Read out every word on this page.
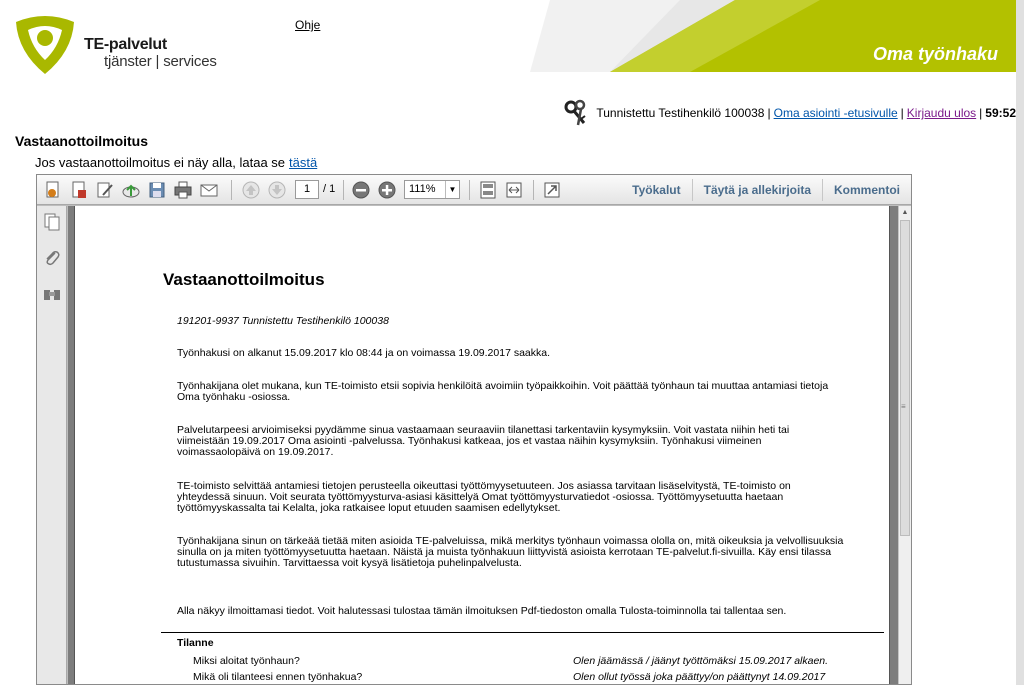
TE-palvelut
tjänster | services
Ohje
Oma työnhaku
Tunnistettu Testihenkilö 100038 | Oma asiointi -etusivulle | Kirjaudu ulos | 59:52
Vastaanottoilmoitus
Jos vastaanottoilmoitus ei näy alla, lataa se tästä
1	/ 1	111%	▼	Työkalut	Täytä ja allekirjoita	Kommentoi
Vastaanottoilmoitus
191201-9937 Tunnistettu Testihenkilö 100038
Työnhakusi on alkanut 15.09.2017 klo 08:44 ja on voimassa 19.09.2017 saakka.
Työnhakijana olet mukana, kun TE-toimisto etsii sopivia henkilöitä avoimiin työpaikkoihin. Voit päättää työnhaun tai muuttaa antamiasi tietoja
Oma työnhaku -osiossa.
Palvelutarpeesi arvioimiseksi pyydämme sinua vastaamaan seuraaviin tilanettasi tarkentaviin kysymyksiin. Voit vastata niihin heti tai
viimeistään 19.09.2017 Oma asiointi -palvelussa. Työnhakusi katkeaa, jos et vastaa näihin kysymyksiin. Työnhakusi viimeinen
voimassaolopäivä on 19.09.2017.
TE-toimisto selvittää antamiesi tietojen perusteella oikeuttasi työttömyysetuuteen. Jos asiassa tarvitaan lisäselvitystä, TE-toimisto on
yhteydessä sinuun. Voit seurata työttömyysturva-asiasi käsittelyä Omat työttömyysturvatiedot -osiossa. Työttömyysetuutta haetaan
työttömyyskassalta tai Kelalta, joka ratkaisee loput etuuden saamisen edellytykset.
Työnhakijana sinun on tärkeää tietää miten asioida TE-palveluissa, mikä merkitys työnhaun voimassa ololla on, mitä oikeuksia ja velvollisuuksia
sinulla on ja miten työttömyysetuutta haetaan. Näistä ja muista työnhakuun liittyvistä asioista kerrotaan TE-palvelut.fi-sivuilla. Käy ensi tilassa
tutustumassa sivuihin. Tarvittaessa voit kysyä lisätietoja puhelinpalvelusta.
Alla näkyy ilmoittamasi tiedot. Voit halutessasi tulostaa tämän ilmoituksen Pdf-tiedoston omalla Tulosta-toiminnolla tai tallentaa sen.
Tilanne
Miksi aloitat työnhaun?	Olen jäämässä / jäänyt työttömäksi 15.09.2017 alkaen.
Mikä oli tilanteesi ennen työnhakua?	Olen ollut työssä joka päättyy/on päättynyt 14.09.2017
▲
≡
